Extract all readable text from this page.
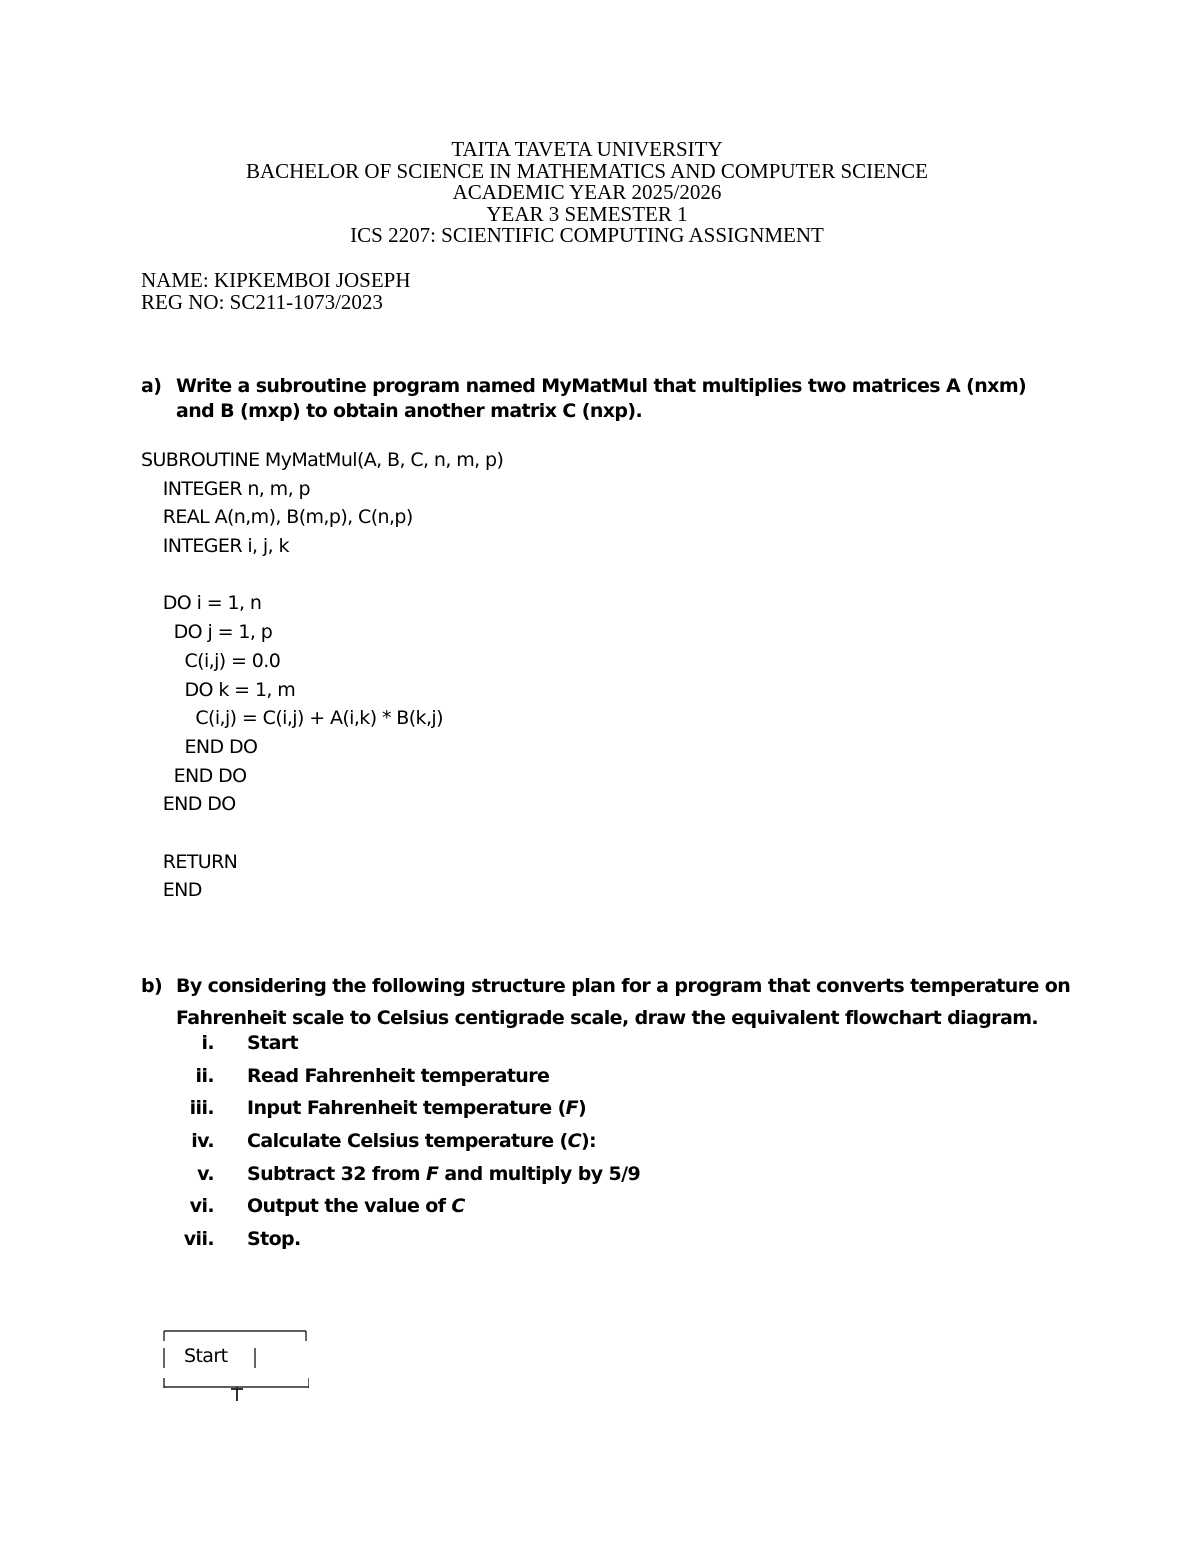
TAITA TAVETA UNIVERSITY
BACHELOR OF SCIENCE IN MATHEMATICS AND COMPUTER SCIENCE
ACADEMIC YEAR 2025/2026
YEAR 3 SEMESTER 1
ICS 2207: SCIENTIFIC COMPUTING ASSIGNMENT
NAME: KIPKEMBOI JOSEPH
REG NO: SC211-1073/2023
a) Write a subroutine program named MyMatMul that multiplies two matrices A (nxm)
and B (mxp) to obtain another matrix C (nxp).
SUBROUTINE MyMatMul(A, B, C, n, m, p)
INTEGER n, m, p
REAL A(n,m), B(m,p), C(n,p)
INTEGER i, j, k
DO i = 1, n
DO j = 1, p
C(i,j) = 0.0
DO k = 1, m
C(i,j) = C(i,j) + A(i,k) * B(k,j)
END DO
END DO
END DO
RETURN
END
b) By considering the following structure plan for a program that converts temperature on
Fahrenheit scale to Celsius centigrade scale, draw the equivalent flowchart diagram.
i. Start
ii. Read Fahrenheit temperature
iii. Input Fahrenheit temperature (F)
iv. Calculate Celsius temperature (C):
v. Subtract 32 from F and multiply by 5/9
vi. Output the value of C
vii. Stop.
Start
